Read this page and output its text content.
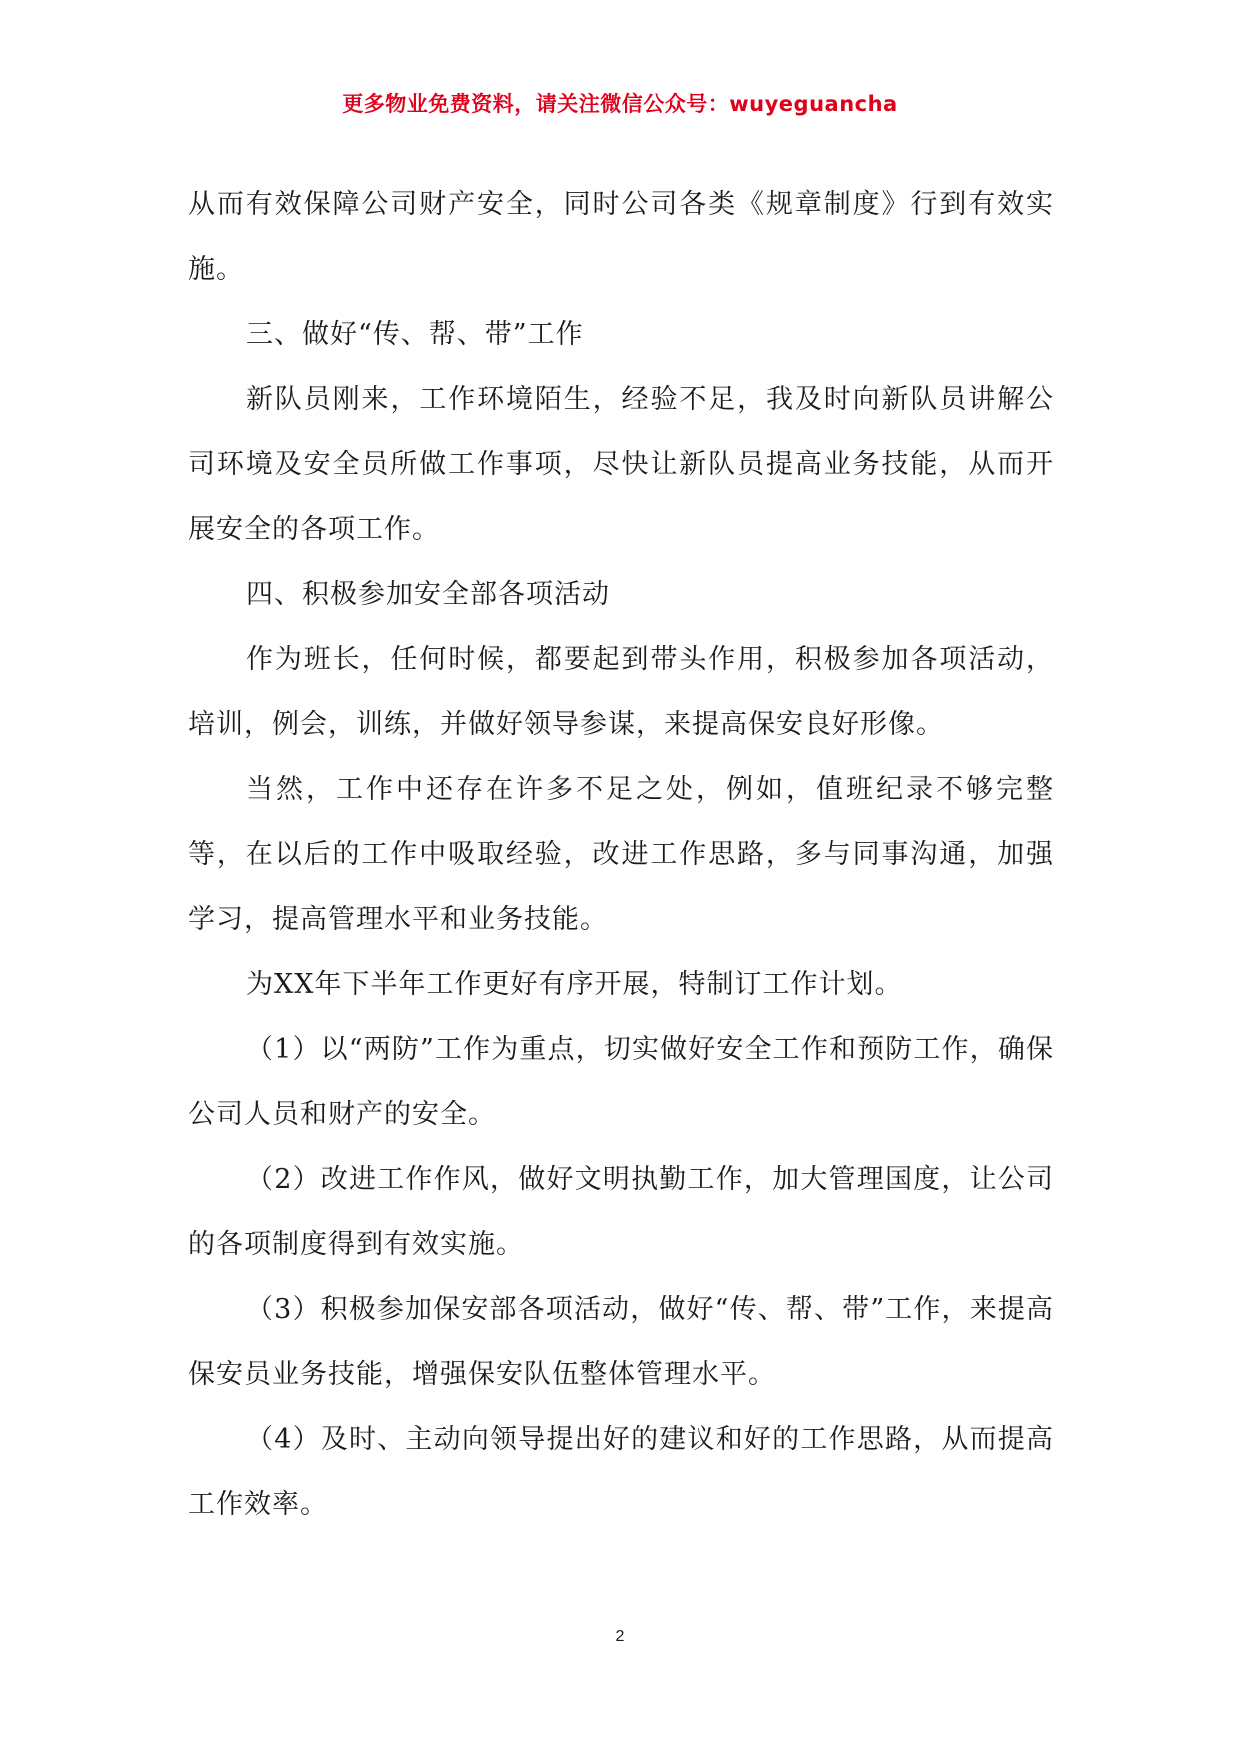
更多物业免费资料，请关注微信公众号：wuyeguancha

从而有效保障公司财产安全，同时公司各类《规章制度》行到有效实施。

三、做好“传、帮、带”工作

新队员刚来，工作环境陌生，经验不足，我及时向新队员讲解公司环境及安全员所做工作事项，尽快让新队员提高业务技能，从而开展安全的各项工作。

四、积极参加安全部各项活动

作为班长，任何时候，都要起到带头作用，积极参加各项活动，培训，例会，训练，并做好领导参谋，来提高保安良好形像。

当然，工作中还存在许多不足之处，例如，值班纪录不够完整等，在以后的工作中吸取经验，改进工作思路，多与同事沟通，加强学习，提高管理水平和业务技能。

为XX年下半年工作更好有序开展，特制订工作计划。

（1）以“两防”工作为重点，切实做好安全工作和预防工作，确保公司人员和财产的安全。

（2）改进工作作风，做好文明执勤工作，加大管理国度，让公司的各项制度得到有效实施。

（3）积极参加保安部各项活动，做好“传、帮、带”工作，来提高保安员业务技能，增强保安队伍整体管理水平。

（4）及时、主动向领导提出好的建议和好的工作思路，从而提高工作效率。

2
